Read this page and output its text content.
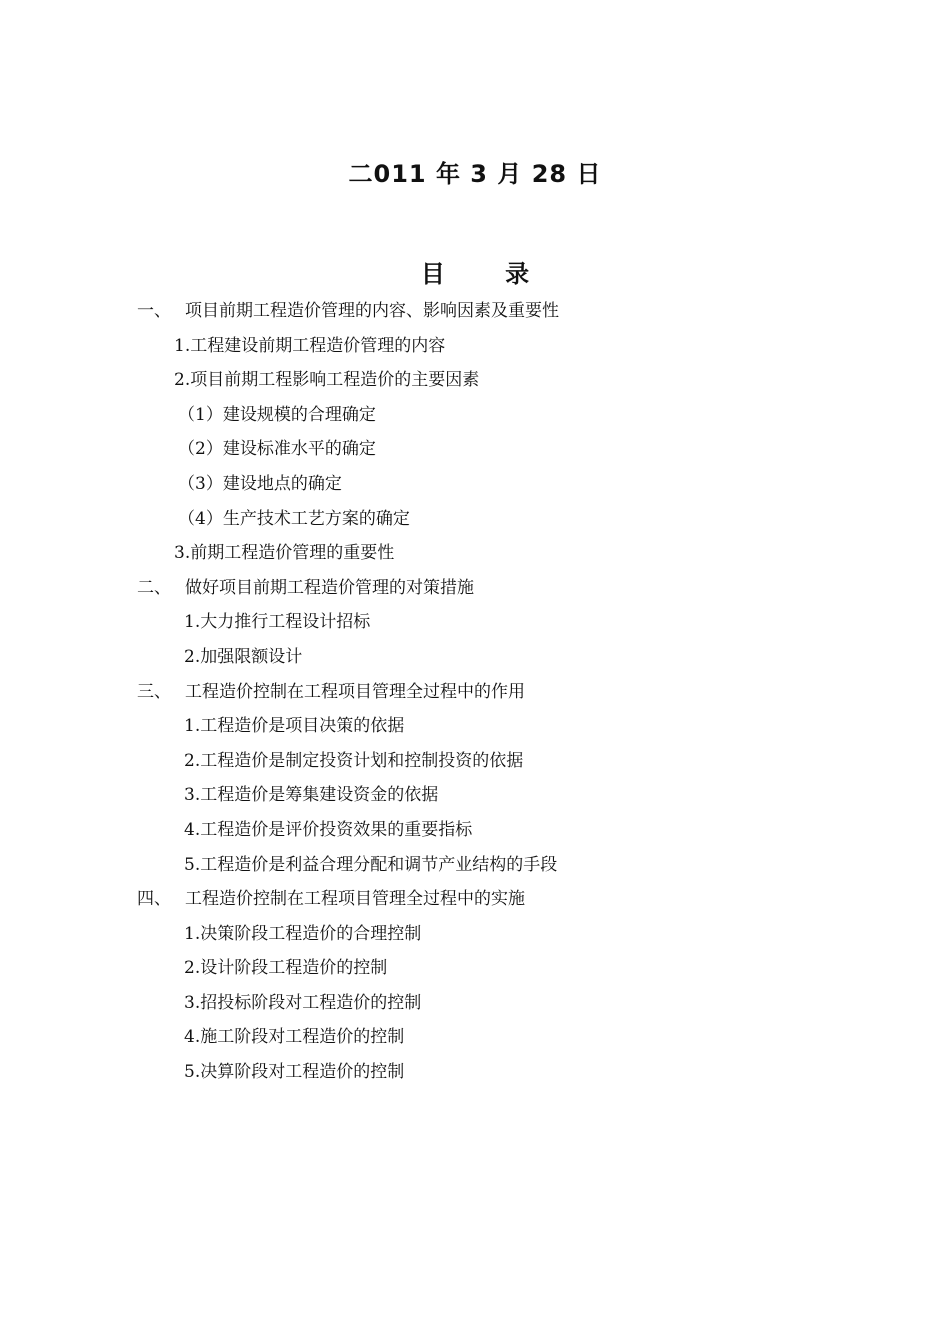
二011 年 3 月 28 日
目 录
一、 项目前期工程造价管理的内容、影响因素及重要性
1.工程建设前期工程造价管理的内容
2.项目前期工程影响工程造价的主要因素
（1）建设规模的合理确定
（2）建设标准水平的确定
（3）建设地点的确定
（4）生产技术工艺方案的确定
3.前期工程造价管理的重要性
二、 做好项目前期工程造价管理的对策措施
1.大力推行工程设计招标
2.加强限额设计
三、 工程造价控制在工程项目管理全过程中的作用
1.工程造价是项目决策的依据
2.工程造价是制定投资计划和控制投资的依据
3.工程造价是筹集建设资金的依据
4.工程造价是评价投资效果的重要指标
5.工程造价是利益合理分配和调节产业结构的手段
四、 工程造价控制在工程项目管理全过程中的实施
1.决策阶段工程造价的合理控制
2.设计阶段工程造价的控制
3.招投标阶段对工程造价的控制
4.施工阶段对工程造价的控制
5.决算阶段对工程造价的控制
